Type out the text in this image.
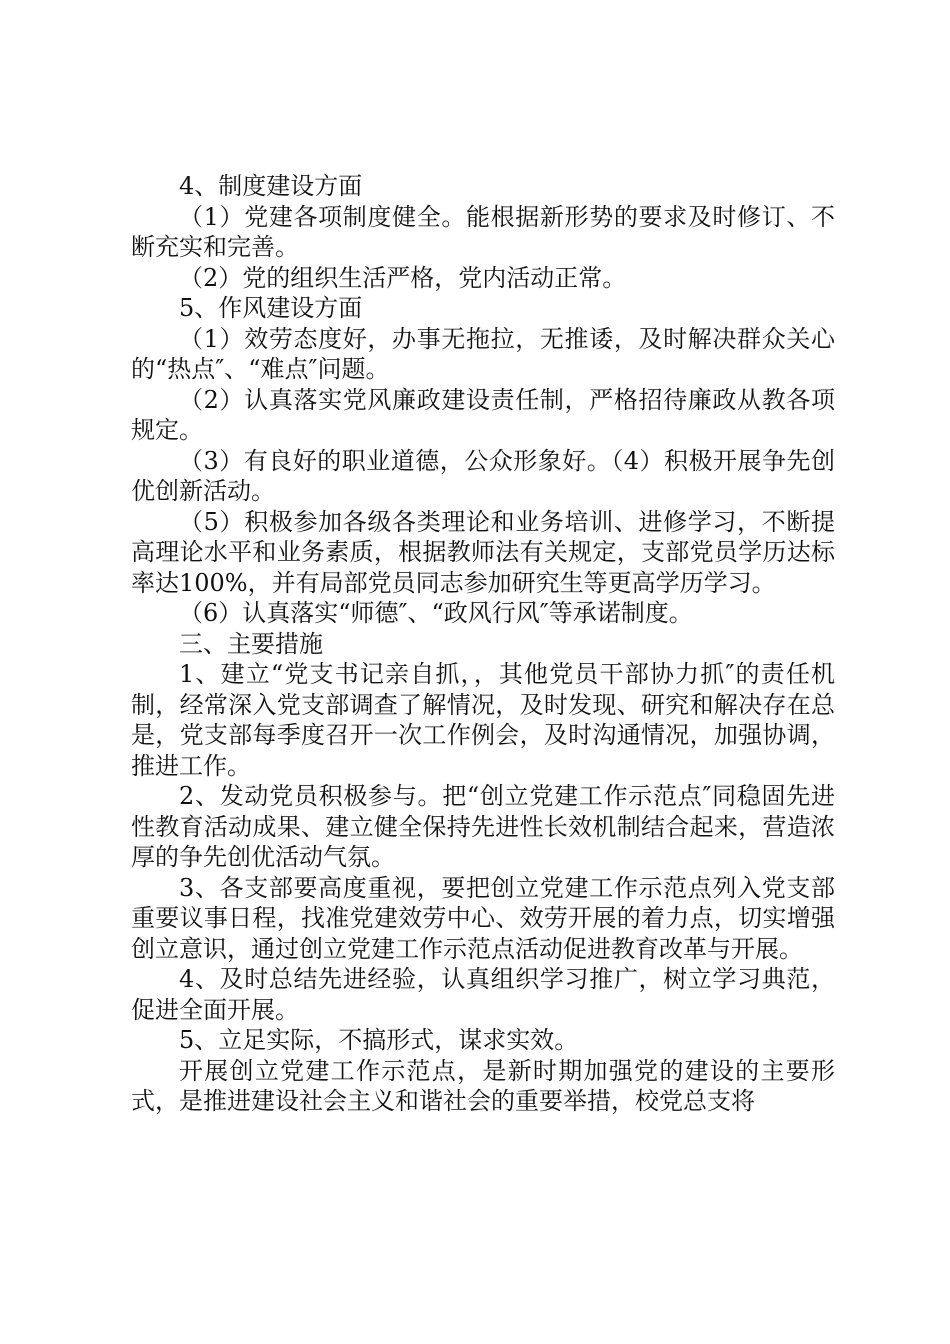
4、制度建设方面

（1）党建各项制度健全。能根据新形势的要求及时修订、不断充实和完善。

（2）党的组织生活严格，党内活动正常。

5、作风建设方面

（1）效劳态度好，办事无拖拉，无推诿，及时解决群众关心的“热点″、“难点″问题。

（2）认真落实党风廉政建设责任制，严格招待廉政从教各项规定。

（3）有良好的职业道德，公众形象好。（4）积极开展争先创优创新活动。

（5）积极参加各级各类理论和业务培训、进修学习，不断提高理论水平和业务素质，根据教师法有关规定，支部党员学历达标率达100%，并有局部党员同志参加研究生等更高学历学习。

（6）认真落实“师德″、“政风行风″等承诺制度。

三、主要措施

1、建立“党支书记亲自抓，，其他党员干部协力抓″的责任机制，经常深入党支部调查了解情况，及时发现、研究和解决存在总是，党支部每季度召开一次工作例会，及时沟通情况，加强协调，推进工作。

2、发动党员积极参与。把“创立党建工作示范点″同稳固先进性教育活动成果、建立健全保持先进性长效机制结合起来，营造浓厚的争先创优活动气氛。

3、各支部要高度重视，要把创立党建工作示范点列入党支部重要议事日程，找准党建效劳中心、效劳开展的着力点，切实增强创立意识，通过创立党建工作示范点活动促进教育改革与开展。

4、及时总结先进经验，认真组织学习推广，树立学习典范，促进全面开展。

5、立足实际，不搞形式，谋求实效。

开展创立党建工作示范点，是新时期加强党的建设的主要形式，是推进建设社会主义和谐社会的重要举措，校党总支将
